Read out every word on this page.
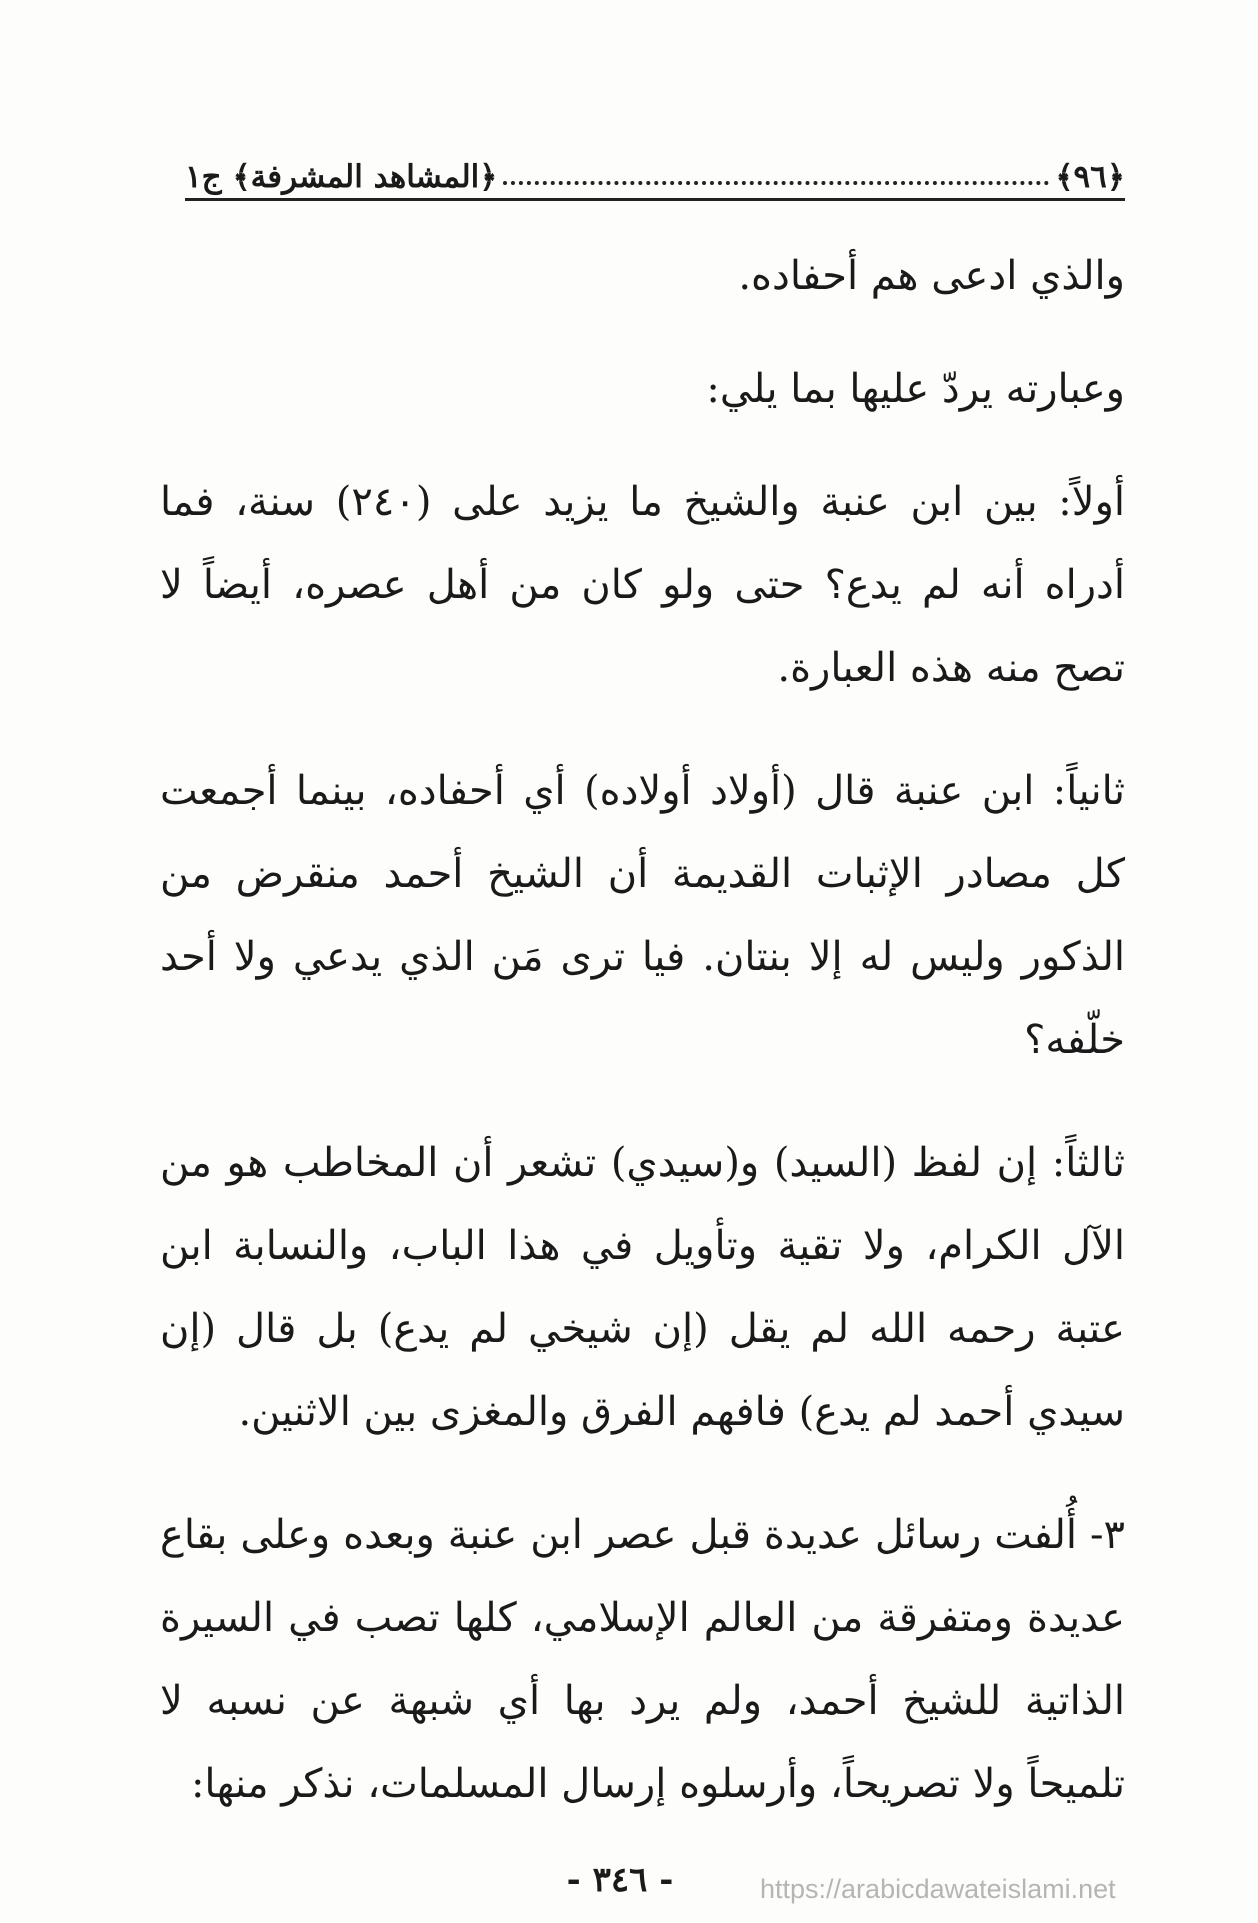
﴿٩٦﴾
﴿المشاهد المشرفة﴾ ج١

والذي ادعى هم أحفاده.

وعبارته يردّ عليها بما يلي:

أولاً: بين ابن عنبة والشيخ ما يزيد على (٢٤٠) سنة، فما أدراه أنه لم يدع؟ حتى ولو كان من أهل عصره، أيضاً لا تصح منه هذه العبارة.

ثانياً: ابن عنبة قال (أولاد أولاده) أي أحفاده، بينما أجمعت كل مصادر الإثبات القديمة أن الشيخ أحمد منقرض من الذكور وليس له إلا بنتان. فيا ترى مَن الذي يدعي ولا أحد خلّفه؟

ثالثاً: إن لفظ (السيد) و(سيدي) تشعر أن المخاطب هو من الآل الكرام، ولا تقية وتأويل في هذا الباب، والنسابة ابن عتبة رحمه الله لم يقل (إن شيخي لم يدع) بل قال (إن سيدي أحمد لم يدع) فافهم الفرق والمغزى بين الاثنين.

٣- أُلفت رسائل عديدة قبل عصر ابن عنبة وبعده وعلى بقاع عديدة ومتفرقة من العالم الإسلامي، كلها تصب في السيرة الذاتية للشيخ أحمد، ولم يرد بها أي شبهة عن نسبه لا تلميحاً ولا تصريحاً، وأرسلوه إرسال المسلمات، نذكر منها:

- ٣٤٦ -	https://arabicdawateislami.net
